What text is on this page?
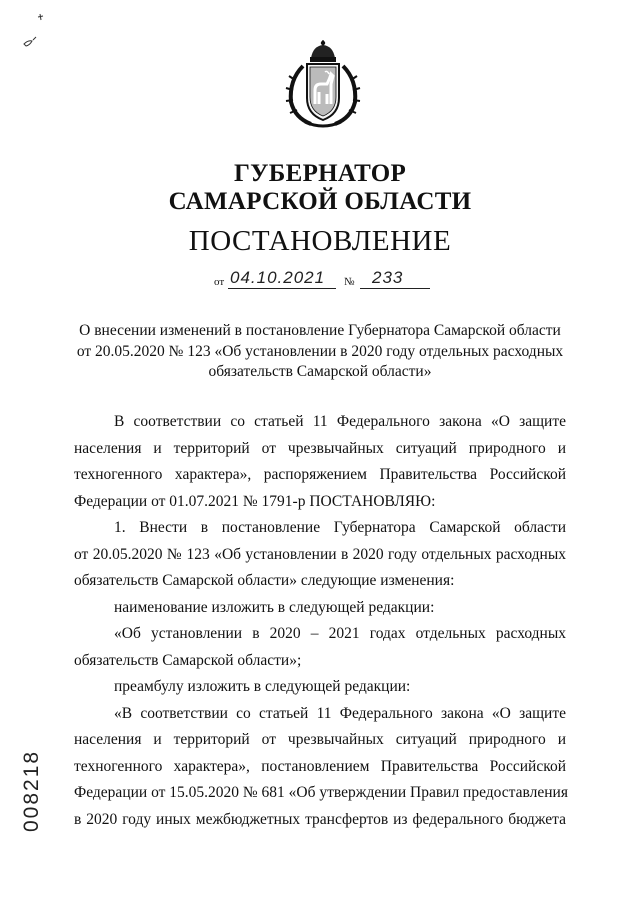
ГУБЕРНАТОР
САМАРСКОЙ ОБЛАСТИ
ПОСТАНОВЛЕНИЕ
от 04.10.2021 № 233
О внесении изменений в постановление Губернатора Самарской области
от 20.05.2020 № 123 «Об установлении в 2020 году отдельных расходных
обязательств Самарской области»
В соответствии со статьей 11 Федерального закона «О защите
населения и территорий от чрезвычайных ситуаций природного и
техногенного характера», распоряжением Правительства Российской
Федерации от 01.07.2021 № 1791-р ПОСТАНОВЛЯЮ:
1. Внести в постановление Губернатора Самарской области
от 20.05.2020 № 123 «Об установлении в 2020 году отдельных расходных
обязательств Самарской области» следующие изменения:
наименование изложить в следующей редакции:
«Об установлении в 2020 – 2021 годах отдельных расходных
обязательств Самарской области»;
преамбулу изложить в следующей редакции:
«В соответствии со статьей 11 Федерального закона «О защите
населения и территорий от чрезвычайных ситуаций природного и
техногенного характера», постановлением Правительства Российской
Федерации от 15.05.2020 № 681 «Об утверждении Правил предоставления
в 2020 году иных межбюджетных трансфертов из федерального бюджета
008218
